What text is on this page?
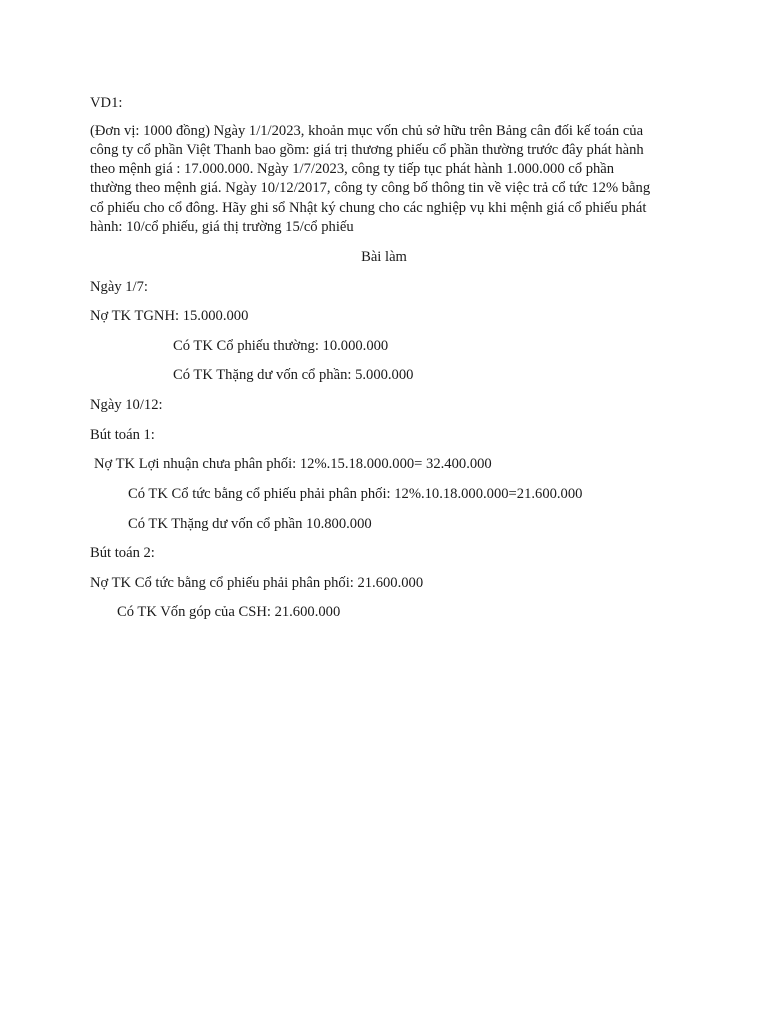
VD1:
(Đơn vị: 1000 đồng) Ngày 1/1/2023, khoản mục vốn chủ sở hữu trên Bảng cân đối kế toán của
công ty cổ phần Việt Thanh bao gồm: giá trị thương phiếu cổ phần thường trước đây phát hành
theo mệnh giá : 17.000.000. Ngày 1/7/2023, công ty tiếp tục phát hành 1.000.000 cổ phần
thường theo mệnh giá. Ngày 10/12/2017, công ty công bố thông tin về việc trả cổ tức 12% bằng
cổ phiếu cho cổ đông. Hãy ghi sổ Nhật ký chung cho các nghiệp vụ khi mệnh giá cổ phiếu phát
hành: 10/cổ phiếu, giá thị trường 15/cổ phiếu
Bài làm
Ngày 1/7:
Nợ TK TGNH: 15.000.000
Có TK Cổ phiếu thường: 10.000.000
Có TK Thặng dư vốn cổ phần: 5.000.000
Ngày 10/12:
Bút toán 1:
Nợ TK Lợi nhuận chưa phân phối: 12%.15.18.000.000= 32.400.000
Có TK Cổ tức bằng cổ phiếu phải phân phối: 12%.10.18.000.000=21.600.000
Có TK Thặng dư vốn cổ phần 10.800.000
Bút toán 2:
Nợ TK Cổ tức bằng cổ phiếu phải phân phối: 21.600.000
Có TK Vốn góp của CSH: 21.600.000
